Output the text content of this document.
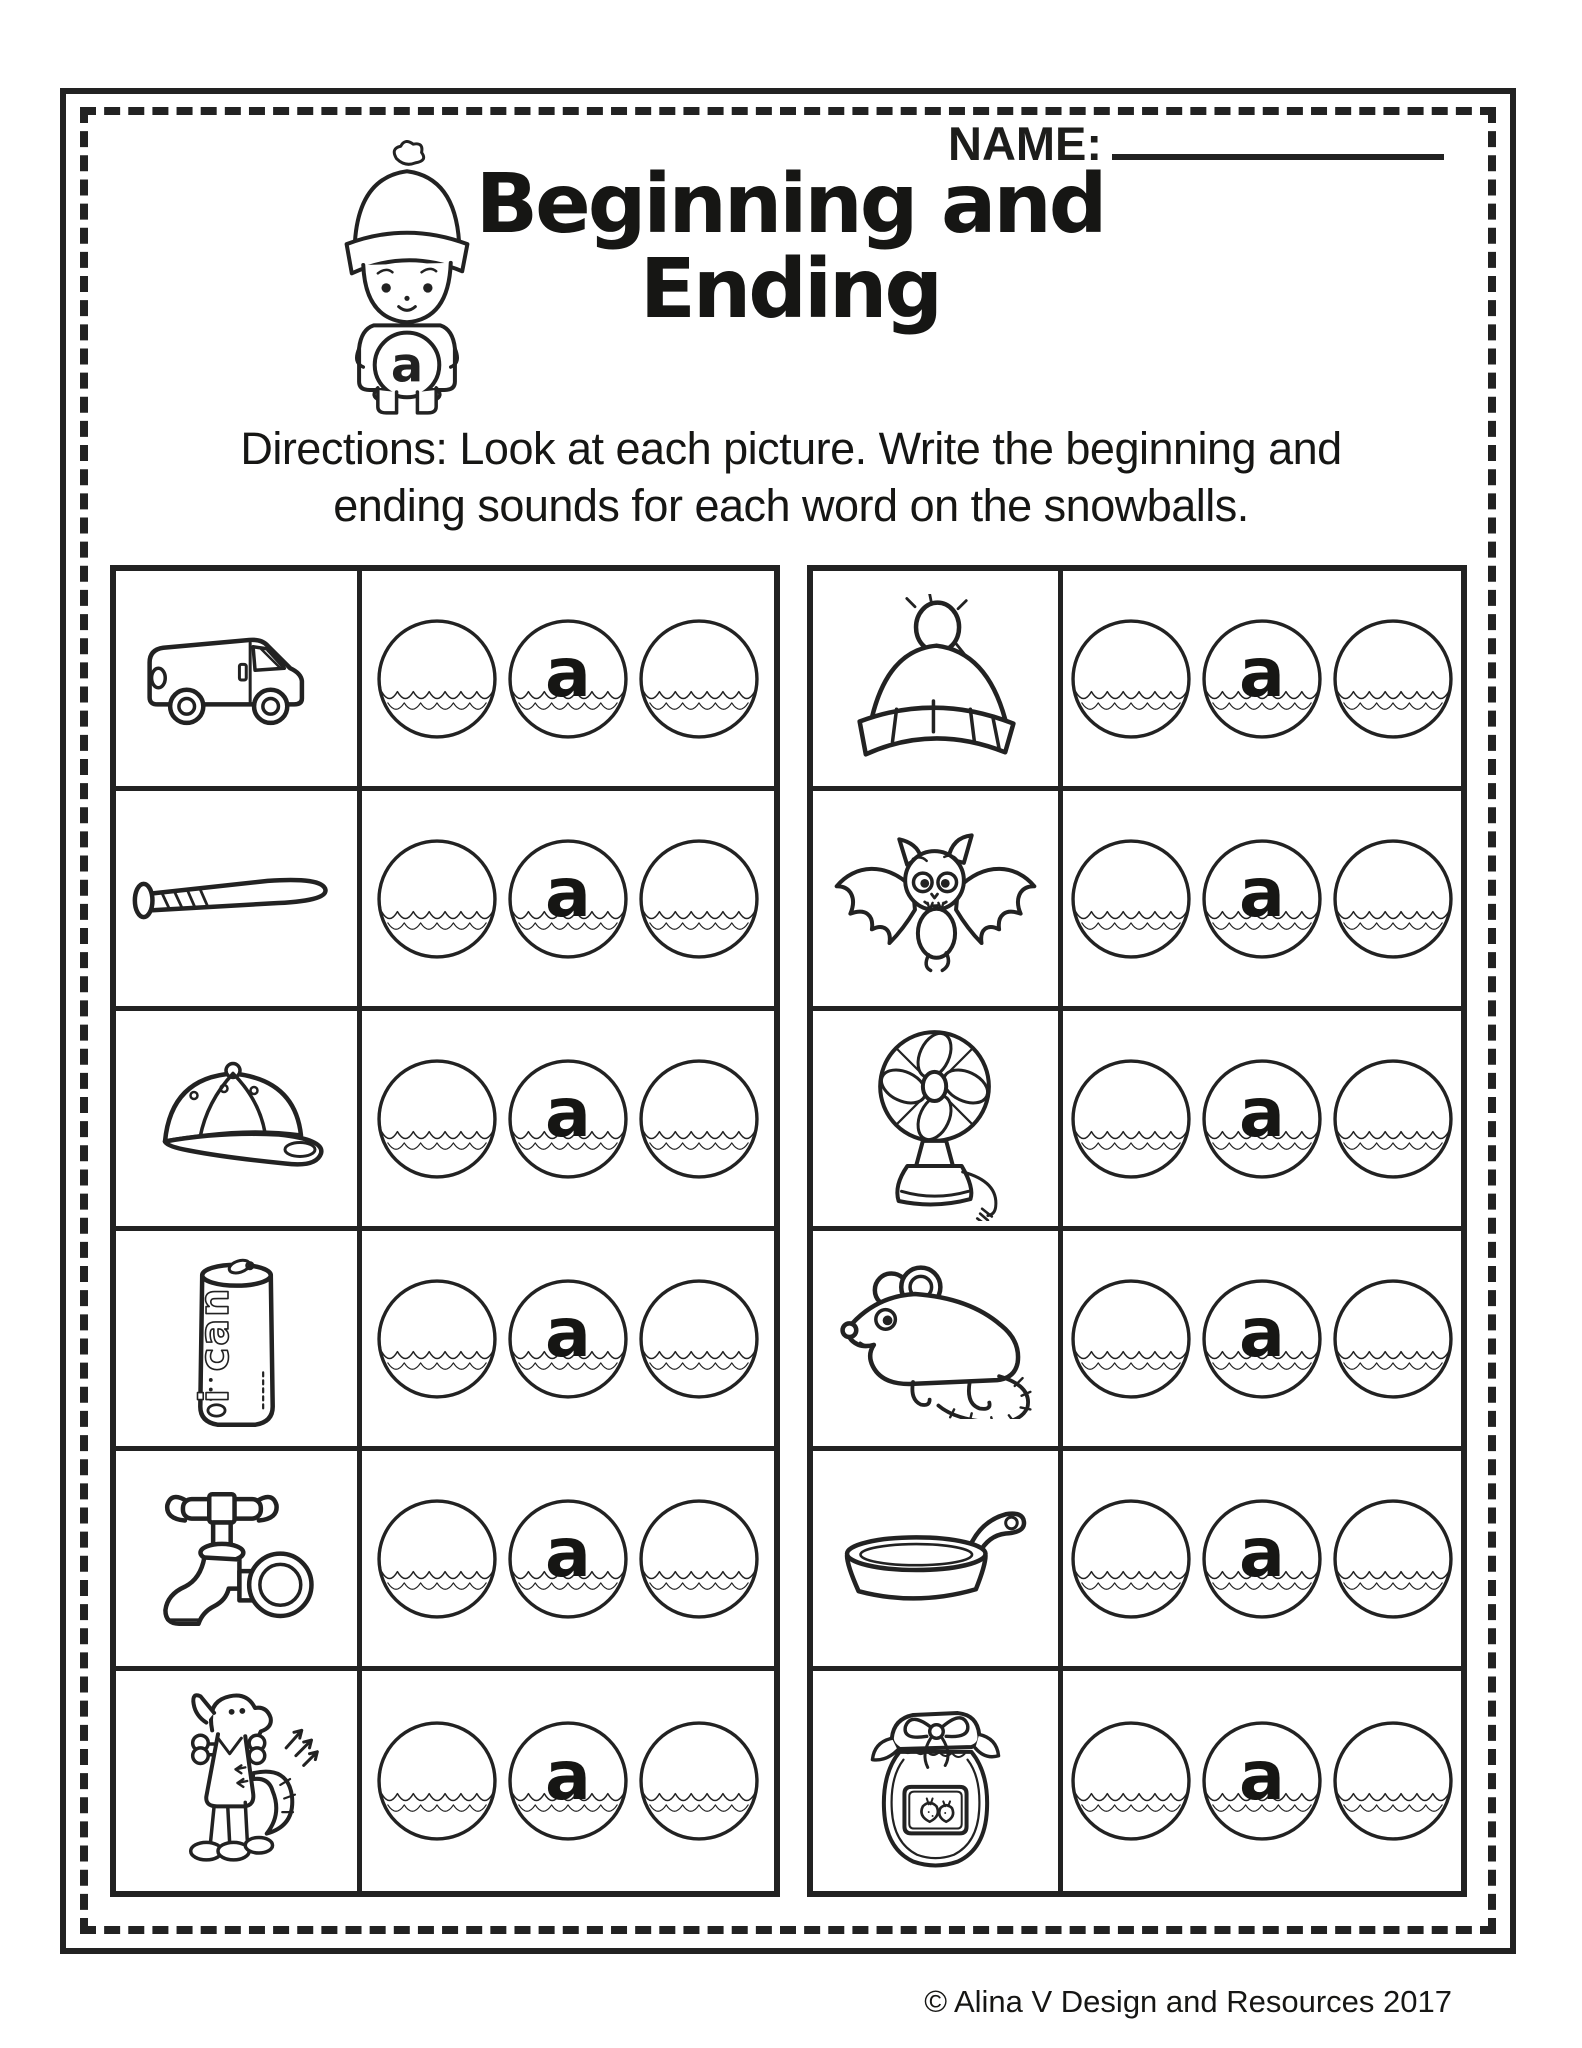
NAME:
a
Beginning and
Ending
Directions: Look at each picture. Write the beginning and
ending sounds for each word on the snowballs.
a
a
a
i can	a
a
a
a
a
a
a
a
a
© Alina V Design and Resources 2017
